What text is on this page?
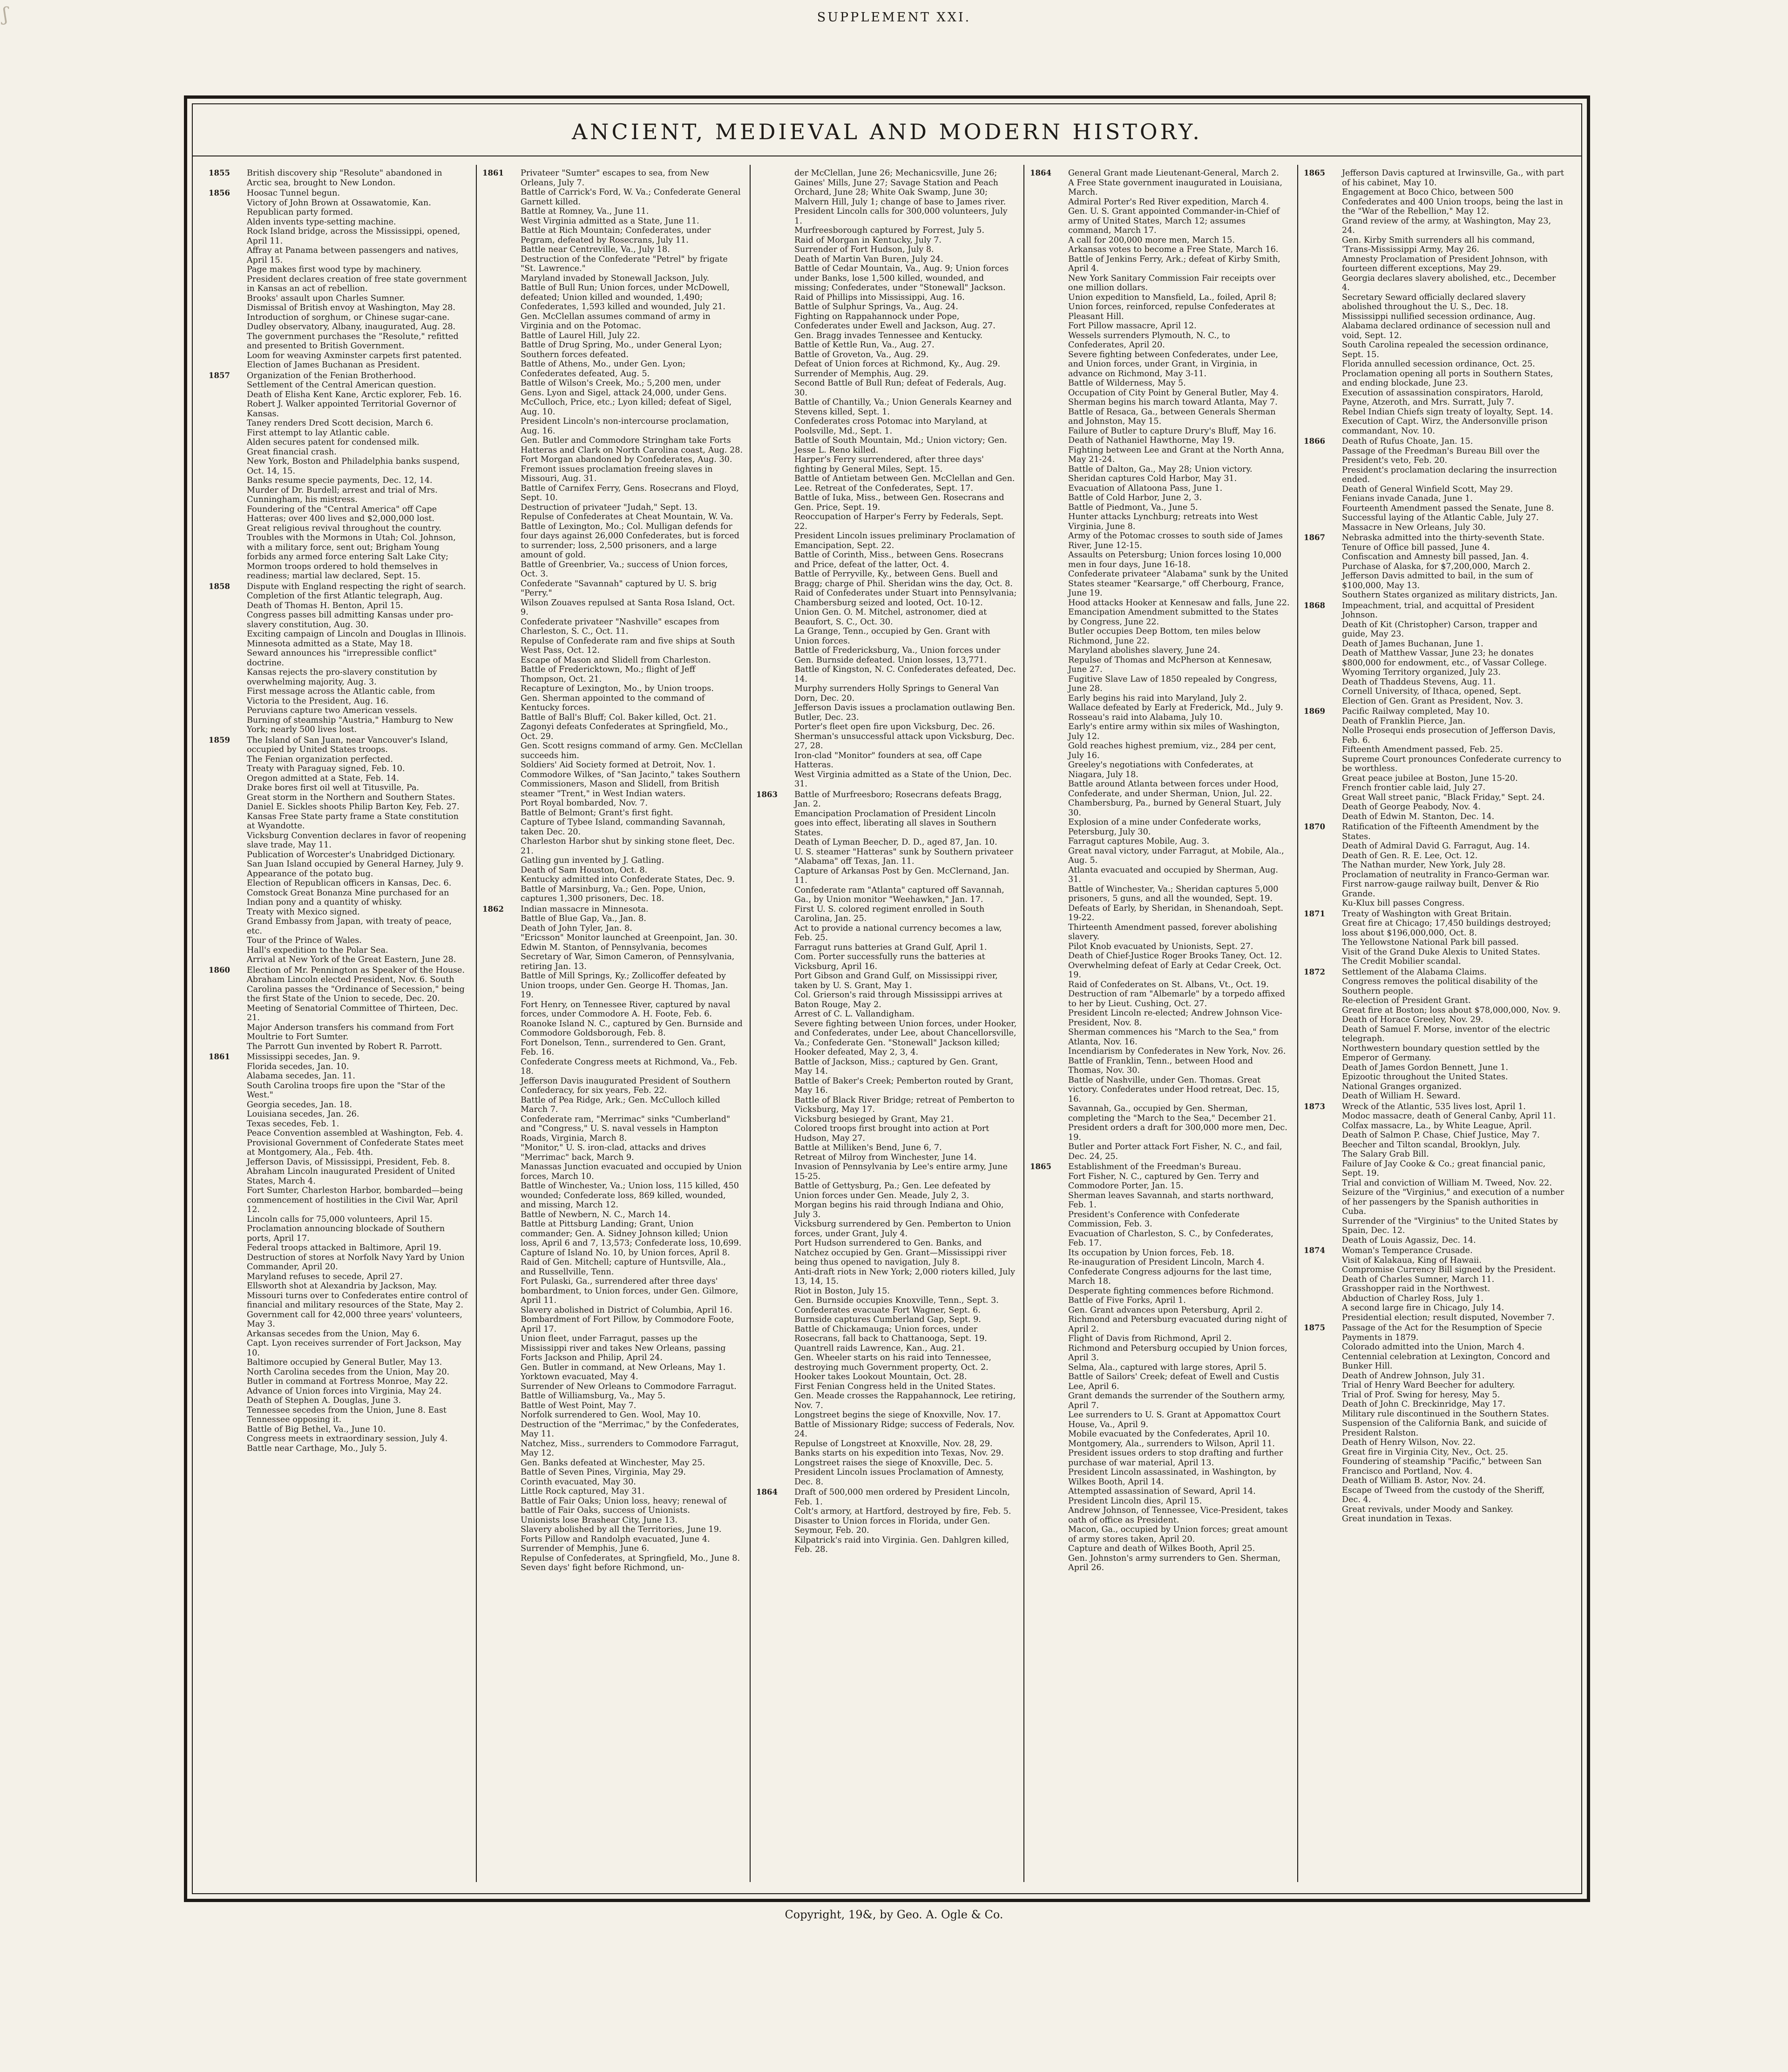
ʃ	SUPPLEMENT XXI.
ANCIENT, MEDIEVAL AND MODERN HISTORY.

1855 British discovery ship "Resolute" abandoned in Arctic sea, brought to New London.

1856 Hoosac Tunnel begun.

Victory of John Brown at Ossawatomie, Kan.

Republican party formed.

Alden invents type-setting machine.

Rock Island bridge, across the Mississippi, opened, April 11.

Affray at Panama between passengers and natives, April 15.

Page makes first wood type by machinery.

President declares creation of free state government in Kansas an act of rebellion.

Brooks' assault upon Charles Sumner.

Dismissal of British envoy at Washington, May 28.

Introduction of sorghum, or Chinese sugar-cane.

Dudley observatory, Albany, inaugurated, Aug. 28.

The government purchases the "Resolute," refitted and presented to British Government.

Loom for weaving Axminster carpets first patented.

Election of James Buchanan as President.

1857 Organization of the Fenian Brotherhood.

Settlement of the Central American question.

Death of Elisha Kent Kane, Arctic explorer, Feb. 16.

Robert J. Walker appointed Territorial Governor of Kansas.

Taney renders Dred Scott decision, March 6.

First attempt to lay Atlantic cable.

Alden secures patent for condensed milk.

Great financial crash.

New York, Boston and Philadelphia banks suspend, Oct. 14, 15.

Banks resume specie payments, Dec. 12, 14.

Murder of Dr. Burdell; arrest and trial of Mrs. Cunningham, his mistress.

Foundering of the "Central America" off Cape Hatteras; over 400 lives and $2,000,000 lost.

Great religious revival throughout the country.

Troubles with the Mormons in Utah; Col. Johnson, with a military force, sent out; Brigham Young forbids any armed force entering Salt Lake City; Mormon troops ordered to hold themselves in readiness; martial law declared, Sept. 15.

1858 Dispute with England respecting the right of search.

Completion of the first Atlantic telegraph, Aug.

Death of Thomas H. Benton, April 15.

Congress passes bill admitting Kansas under pro-slavery constitution, Aug. 30.

Exciting campaign of Lincoln and Douglas in Illinois.

Minnesota admitted as a State, May 18.

Seward announces his "irrepressible conflict" doctrine.

Kansas rejects the pro-slavery constitution by overwhelming majority, Aug. 3.

First message across the Atlantic cable, from Victoria to the President, Aug. 16.

Peruvians capture two American vessels.

Burning of steamship "Austria," Hamburg to New York; nearly 500 lives lost.

1859 The Island of San Juan, near Vancouver's Island, occupied by United States troops.

The Fenian organization perfected.

Treaty with Paraguay signed, Feb. 10.

Oregon admitted at a State, Feb. 14.

Drake bores first oil well at Titusville, Pa.

Great storm in the Northern and Southern States.

Daniel E. Sickles shoots Philip Barton Key, Feb. 27.

Kansas Free State party frame a State constitution at Wyandotte.

Vicksburg Convention declares in favor of reopening slave trade, May 11.

Publication of Worcester's Unabridged Dictionary.

San Juan Island occupied by General Harney, July 9.

Appearance of the potato bug.

Election of Republican officers in Kansas, Dec. 6.

Comstock Great Bonanza Mine purchased for an Indian pony and a quantity of whisky.

Treaty with Mexico signed.

Grand Embassy from Japan, with treaty of peace, etc.

Tour of the Prince of Wales.

Hall's expedition to the Polar Sea.

Arrival at New York of the Great Eastern, June 28.

1860 Election of Mr. Pennington as Speaker of the House.

Abraham Lincoln elected President, Nov. 6. South Carolina passes the "Ordinance of Secession," being the first State of the Union to secede, Dec. 20.

Meeting of Senatorial Committee of Thirteen, Dec. 21.

Major Anderson transfers his command from Fort Moultrie to Fort Sumter.

The Parrott Gun invented by Robert R. Parrott.

1861 Mississippi secedes, Jan. 9.

Florida secedes, Jan. 10.

Alabama secedes, Jan. 11.

South Carolina troops fire upon the "Star of the West."

Georgia secedes, Jan. 18.

Louisiana secedes, Jan. 26.

Texas secedes, Feb. 1.

Peace Convention assembled at Washington, Feb. 4.

Provisional Government of Confederate States meet at Montgomery, Ala., Feb. 4th.

Jefferson Davis, of Mississippi, President, Feb. 8.

Abraham Lincoln inaugurated President of United States, March 4.

Fort Sumter, Charleston Harbor, bombarded—being commencement of hostilities in the Civil War, April 12.

Lincoln calls for 75,000 volunteers, April 15.

Proclamation announcing blockade of Southern ports, April 17.

Federal troops attacked in Baltimore, April 19.

Destruction of stores at Norfolk Navy Yard by Union Commander, April 20.

Maryland refuses to secede, April 27.

Ellsworth shot at Alexandria by Jackson, May.

Missouri turns over to Confederates entire control of financial and military resources of the State, May 2.

Government call for 42,000 three years' volunteers, May 3.

Arkansas secedes from the Union, May 6.

Capt. Lyon receives surrender of Fort Jackson, May 10.

Baltimore occupied by General Butler, May 13.

North Carolina secedes from the Union, May 20.

Butler in command at Fortress Monroe, May 22.

Advance of Union forces into Virginia, May 24.

Death of Stephen A. Douglas, June 3.

Tennessee secedes from the Union, June 8. East Tennessee opposing it.

Battle of Big Bethel, Va., June 10.

Congress meets in extraordinary session, July 4.

Battle near Carthage, Mo., July 5.

1861 Privateer "Sumter" escapes to sea, from New Orleans, July 7.

Battle of Carrick's Ford, W. Va.; Confederate General Garnett killed.

Battle at Romney, Va., June 11.

West Virginia admitted as a State, June 11.

Battle at Rich Mountain; Confederates, under Pegram, defeated by Rosecrans, July 11.

Battle near Centreville, Va., July 18.

Destruction of the Confederate "Petrel" by frigate "St. Lawrence."

Maryland invaded by Stonewall Jackson, July.

Battle of Bull Run; Union forces, under McDowell, defeated; Union killed and wounded, 1,490; Confederates, 1,593 killed and wounded, July 21.

Gen. McClellan assumes command of army in Virginia and on the Potomac.

Battle of Laurel Hill, July 22.

Battle of Drug Spring, Mo., under General Lyon; Southern forces defeated.

Battle of Athens, Mo., under Gen. Lyon; Confederates defeated, Aug. 5.

Battle of Wilson's Creek, Mo.; 5,200 men, under Gens. Lyon and Sigel, attack 24,000, under Gens. McCulloch, Price, etc.; Lyon killed; defeat of Sigel, Aug. 10.

President Lincoln's non-intercourse proclamation, Aug. 16.

Gen. Butler and Commodore Stringham take Forts Hatteras and Clark on North Carolina coast, Aug. 28.

Fort Morgan abandoned by Confederates, Aug. 30.

Fremont issues proclamation freeing slaves in Missouri, Aug. 31.

Battle of Carnifex Ferry, Gens. Rosecrans and Floyd, Sept. 10.

Destruction of privateer "Judah," Sept. 13.

Repulse of Confederates at Cheat Mountain, W. Va.

Battle of Lexington, Mo.; Col. Mulligan defends for four days against 26,000 Confederates, but is forced to surrender; loss, 2,500 prisoners, and a large amount of gold.

Battle of Greenbrier, Va.; success of Union forces, Oct. 3.

Confederate "Savannah" captured by U. S. brig "Perry."

Wilson Zouaves repulsed at Santa Rosa Island, Oct. 9.

Confederate privateer "Nashville" escapes from Charleston, S. C., Oct. 11.

Repulse of Confederate ram and five ships at South West Pass, Oct. 12.

Escape of Mason and Slidell from Charleston.

Battle of Fredericktown, Mo.; flight of Jeff Thompson, Oct. 21.

Recapture of Lexington, Mo., by Union troops.

Gen. Sherman appointed to the command of Kentucky forces.

Battle of Ball's Bluff; Col. Baker killed, Oct. 21.

Zagonyi defeats Confederates at Springfield, Mo., Oct. 29.

Gen. Scott resigns command of army. Gen. McClellan succeeds him.

Soldiers' Aid Society formed at Detroit, Nov. 1.

Commodore Wilkes, of "San Jacinto," takes Southern Commissioners, Mason and Slidell, from British steamer "Trent," in West Indian waters.

Port Royal bombarded, Nov. 7.

Battle of Belmont; Grant's first fight.

Capture of Tybee Island, commanding Savannah, taken Dec. 20.

Charleston Harbor shut by sinking stone fleet, Dec. 21.

Gatling gun invented by J. Gatling.

Death of Sam Houston, Oct. 8.

Kentucky admitted into Confederate States, Dec. 9.

Battle of Marsinburg, Va.; Gen. Pope, Union, captures 1,300 prisoners, Dec. 18.

1862 Indian massacre in Minnesota.

Battle of Blue Gap, Va., Jan. 8.

Death of John Tyler, Jan. 8.

"Ericsson" Monitor launched at Greenpoint, Jan. 30.

Edwin M. Stanton, of Pennsylvania, becomes Secretary of War, Simon Cameron, of Pennsylvania, retiring Jan. 13.

Battle of Mill Springs, Ky.; Zollicoffer defeated by Union troops, under Gen. George H. Thomas, Jan. 19.

Fort Henry, on Tennessee River, captured by naval forces, under Commodore A. H. Foote, Feb. 6.

Roanoke Island N. C., captured by Gen. Burnside and Commodore Goldsborough, Feb. 8.

Fort Donelson, Tenn., surrendered to Gen. Grant, Feb. 16.

Confederate Congress meets at Richmond, Va., Feb. 18.

Jefferson Davis inaugurated President of Southern Confederacy, for six years, Feb. 22.

Battle of Pea Ridge, Ark.; Gen. McCulloch killed March 7.

Confederate ram, "Merrimac" sinks "Cumberland" and "Congress," U. S. naval vessels in Hampton Roads, Virginia, March 8.

"Monitor," U. S. iron-clad, attacks and drives "Merrimac" back, March 9.

Manassas Junction evacuated and occupied by Union forces, March 10.

Battle of Winchester, Va.; Union loss, 115 killed, 450 wounded; Confederate loss, 869 killed, wounded, and missing, March 12.

Battle of Newbern, N. C., March 14.

Battle at Pittsburg Landing; Grant, Union commander; Gen. A. Sidney Johnson killed; Union loss, April 6 and 7, 13,573; Confederate loss, 10,699.

Capture of Island No. 10, by Union forces, April 8.

Raid of Gen. Mitchell; capture of Huntsville, Ala., and Russellville, Tenn.

Fort Pulaski, Ga., surrendered after three days' bombardment, to Union forces, under Gen. Gilmore, April 11.

Slavery abolished in District of Columbia, April 16.

Bombardment of Fort Pillow, by Commodore Foote, April 17.

Union fleet, under Farragut, passes up the Mississippi river and takes New Orleans, passing Forts Jackson and Philip, April 24.

Gen. Butler in command, at New Orleans, May 1.

Yorktown evacuated, May 4.

Surrender of New Orleans to Commodore Farragut.

Battle of Williamsburg, Va., May 5.

Battle of West Point, May 7.

Norfolk surrendered to Gen. Wool, May 10.

Destruction of the "Merrimac," by the Confederates, May 11.

Natchez, Miss., surrenders to Commodore Farragut, May 12.

Gen. Banks defeated at Winchester, May 25.

Battle of Seven Pines, Virginia, May 29.

Corinth evacuated, May 30.

Little Rock captured, May 31.

Battle of Fair Oaks; Union loss, heavy; renewal of battle of Fair Oaks, success of Unionists.

Unionists lose Brashear City, June 13.

Slavery abolished by all the Territories, June 19.

Forts Pillow and Randolph evacuated, June 4.

Surrender of Memphis, June 6.

Repulse of Confederates, at Springfield, Mo., June 8.

Seven days' fight before Richmond, un-

der McClellan, June 26; Mechanicsville, June 26; Gaines' Mills, June 27; Savage Station and Peach Orchard, June 28; White Oak Swamp, June 30; Malvern Hill, July 1; change of base to James river.

President Lincoln calls for 300,000 volunteers, July 1.

Murfreesborough captured by Forrest, July 5.

Raid of Morgan in Kentucky, July 7.

Surrender of Fort Hudson, July 8.

Death of Martin Van Buren, July 24.

Battle of Cedar Mountain, Va., Aug. 9; Union forces under Banks, lose 1,500 killed, wounded, and missing; Confederates, under "Stonewall" Jackson.

Raid of Phillips into Mississippi, Aug. 16.

Battle of Sulphur Springs, Va., Aug. 24.

Fighting on Rappahannock under Pope, Confederates under Ewell and Jackson, Aug. 27.

Gen. Bragg invades Tennessee and Kentucky.

Battle of Kettle Run, Va., Aug. 27.

Battle of Groveton, Va., Aug. 29.

Defeat of Union forces at Richmond, Ky., Aug. 29.

Surrender of Memphis, Aug. 29.

Second Battle of Bull Run; defeat of Federals, Aug. 30.

Battle of Chantilly, Va.; Union Generals Kearney and Stevens killed, Sept. 1.

Confederates cross Potomac into Maryland, at Poolsville, Md., Sept. 1.

Battle of South Mountain, Md.; Union victory; Gen. Jesse L. Reno killed.

Harper's Ferry surrendered, after three days' fighting by General Miles, Sept. 15.

Battle of Antietam between Gen. McClellan and Gen. Lee. Retreat of the Confederates, Sept. 17.

Battle of Iuka, Miss., between Gen. Rosecrans and Gen. Price, Sept. 19.

Reoccupation of Harper's Ferry by Federals, Sept. 22.

President Lincoln issues preliminary Proclamation of Emancipation, Sept. 22.

Battle of Corinth, Miss., between Gens. Rosecrans and Price, defeat of the latter, Oct. 4.

Battle of Perryville, Ky., between Gens. Buell and Bragg; charge of Phil. Sheridan wins the day, Oct. 8.

Raid of Confederates under Stuart into Pennsylvania; Chambersburg seized and looted, Oct. 10-12.

Union Gen. O. M. Mitchel, astronomer, died at Beaufort, S. C., Oct. 30.

La Grange, Tenn., occupied by Gen. Grant with Union forces.

Battle of Fredericksburg, Va., Union forces under Gen. Burnside defeated. Union losses, 13,771.

Battle of Kingston, N. C. Confederates defeated, Dec. 14.

Murphy surrenders Holly Springs to General Van Dorn, Dec. 20.

Jefferson Davis issues a proclamation outlawing Ben. Butler, Dec. 23.

Porter's fleet open fire upon Vicksburg, Dec. 26.

Sherman's unsuccessful attack upon Vicksburg, Dec. 27, 28.

Iron-clad "Monitor" founders at sea, off Cape Hatteras.

West Virginia admitted as a State of the Union, Dec. 31.

1863 Battle of Murfreesboro; Rosecrans defeats Bragg, Jan. 2.

Emancipation Proclamation of President Lincoln goes into effect, liberating all slaves in Southern States.

Death of Lyman Beecher, D. D., aged 87, Jan. 10.

U. S. steamer "Hatteras" sunk by Southern privateer "Alabama" off Texas, Jan. 11.

Capture of Arkansas Post by Gen. McClernand, Jan. 11.

Confederate ram "Atlanta" captured off Savannah, Ga., by Union monitor "Weehawken," Jan. 17.

First U. S. colored regiment enrolled in South Carolina, Jan. 25.

Act to provide a national currency becomes a law, Feb. 25.

Farragut runs batteries at Grand Gulf, April 1.

Com. Porter successfully runs the batteries at Vicksburg, April 16.

Port Gibson and Grand Gulf, on Mississippi river, taken by U. S. Grant, May 1.

Col. Grierson's raid through Mississippi arrives at Baton Rouge, May 2.

Arrest of C. L. Vallandigham.

Severe fighting between Union forces, under Hooker, and Confederates, under Lee, about Chancellorsville, Va.; Confederate Gen. "Stonewall" Jackson killed; Hooker defeated, May 2, 3, 4.

Battle of Jackson, Miss.; captured by Gen. Grant, May 14.

Battle of Baker's Creek; Pemberton routed by Grant, May 16.

Battle of Black River Bridge; retreat of Pemberton to Vicksburg, May 17.

Vicksburg besieged by Grant, May 21.

Colored troops first brought into action at Port Hudson, May 27.

Battle at Milliken's Bend, June 6, 7.

Retreat of Milroy from Winchester, June 14.

Invasion of Pennsylvania by Lee's entire army, June 15-25.

Battle of Gettysburg, Pa.; Gen. Lee defeated by Union forces under Gen. Meade, July 2, 3.

Morgan begins his raid through Indiana and Ohio, July 3.

Vicksburg surrendered by Gen. Pemberton to Union forces, under Grant, July 4.

Port Hudson surrendered to Gen. Banks, and Natchez occupied by Gen. Grant—Mississippi river being thus opened to navigation, July 8.

Anti-draft riots in New York; 2,000 rioters killed, July 13, 14, 15.

Riot in Boston, July 15.

Gen. Burnside occupies Knoxville, Tenn., Sept. 3.

Confederates evacuate Fort Wagner, Sept. 6.

Burnside captures Cumberland Gap, Sept. 9.

Battle of Chickamauga; Union forces, under Rosecrans, fall back to Chattanooga, Sept. 19.

Quantrell raids Lawrence, Kan., Aug. 21.

Gen. Wheeler starts on his raid into Tennessee, destroying much Government property, Oct. 2.

Hooker takes Lookout Mountain, Oct. 28.

First Fenian Congress held in the United States.

Gen. Meade crosses the Rappahannock, Lee retiring, Nov. 7.

Longstreet begins the siege of Knoxville, Nov. 17.

Battle of Missionary Ridge; success of Federals, Nov. 24.

Repulse of Longstreet at Knoxville, Nov. 28, 29.

Banks starts on his expedition into Texas, Nov. 29.

Longstreet raises the siege of Knoxville, Dec. 5.

President Lincoln issues Proclamation of Amnesty, Dec. 8.

1864 Draft of 500,000 men ordered by President Lincoln, Feb. 1.

Colt's armory, at Hartford, destroyed by fire, Feb. 5.

Disaster to Union forces in Florida, under Gen. Seymour, Feb. 20.

Kilpatrick's raid into Virginia. Gen. Dahlgren killed, Feb. 28.

1864 General Grant made Lieutenant-General, March 2.

A Free State government inaugurated in Louisiana, March.

Admiral Porter's Red River expedition, March 4.

Gen. U. S. Grant appointed Commander-in-Chief of army of United States, March 12; assumes command, March 17.

A call for 200,000 more men, March 15.

Arkansas votes to become a Free State, March 16.

Battle of Jenkins Ferry, Ark.; defeat of Kirby Smith, April 4.

New York Sanitary Commission Fair receipts over one million dollars.

Union expedition to Mansfield, La., foiled, April 8; Union forces, reinforced, repulse Confederates at Pleasant Hill.

Fort Pillow massacre, April 12.

Wessels surrenders Plymouth, N. C., to Confederates, April 20.

Severe fighting between Confederates, under Lee, and Union forces, under Grant, in Virginia, in advance on Richmond, May 3-11.

Battle of Wilderness, May 5.

Occupation of City Point by General Butler, May 4.

Sherman begins his march toward Atlanta, May 7.

Battle of Resaca, Ga., between Generals Sherman and Johnston, May 15.

Failure of Butler to capture Drury's Bluff, May 16.

Death of Nathaniel Hawthorne, May 19.

Fighting between Lee and Grant at the North Anna, May 21-24.

Battle of Dalton, Ga., May 28; Union victory.

Sheridan captures Cold Harbor, May 31.

Evacuation of Allatoona Pass, June 1.

Battle of Cold Harbor, June 2, 3.

Battle of Piedmont, Va., June 5.

Hunter attacks Lynchburg; retreats into West Virginia, June 8.

Army of the Potomac crosses to south side of James River, June 12-15.

Assaults on Petersburg; Union forces losing 10,000 men in four days, June 16-18.

Confederate privateer "Alabama" sunk by the United States steamer "Kearsarge," off Cherbourg, France, June 19.

Hood attacks Hooker at Kennesaw and falls, June 22.

Emancipation Amendment submitted to the States by Congress, June 22.

Butler occupies Deep Bottom, ten miles below Richmond, June 22.

Maryland abolishes slavery, June 24.

Repulse of Thomas and McPherson at Kennesaw, June 27.

Fugitive Slave Law of 1850 repealed by Congress, June 28.

Early begins his raid into Maryland, July 2.

Wallace defeated by Early at Frederick, Md., July 9.

Rosseau's raid into Alabama, July 10.

Early's entire army within six miles of Washington, July 12.

Gold reaches highest premium, viz., 284 per cent, July 16.

Greeley's negotiations with Confederates, at Niagara, July 18.

Battle around Atlanta between forces under Hood, Confederate, and under Sherman, Union, Jul. 22.

Chambersburg, Pa., burned by General Stuart, July 30.

Explosion of a mine under Confederate works, Petersburg, July 30.

Farragut captures Mobile, Aug. 3.

Great naval victory, under Farragut, at Mobile, Ala., Aug. 5.

Atlanta evacuated and occupied by Sherman, Aug. 31.

Battle of Winchester, Va.; Sheridan captures 5,000 prisoners, 5 guns, and all the wounded, Sept. 19.

Defeats of Early, by Sheridan, in Shenandoah, Sept. 19-22.

Thirteenth Amendment passed, forever abolishing slavery.

Pilot Knob evacuated by Unionists, Sept. 27.

Death of Chief-Justice Roger Brooks Taney, Oct. 12.

Overwhelming defeat of Early at Cedar Creek, Oct. 19.

Raid of Confederates on St. Albans, Vt., Oct. 19.

Destruction of ram "Albemarle" by a torpedo affixed to her by Lieut. Cushing, Oct. 27.

President Lincoln re-elected; Andrew Johnson Vice-President, Nov. 8.

Sherman commences his "March to the Sea," from Atlanta, Nov. 16.

Incendiarism by Confederates in New York, Nov. 26.

Battle of Franklin, Tenn., between Hood and Thomas, Nov. 30.

Battle of Nashville, under Gen. Thomas. Great victory. Confederates under Hood retreat, Dec. 15, 16.

Savannah, Ga., occupied by Gen. Sherman, completing the "March to the Sea," December 21.

President orders a draft for 300,000 more men, Dec. 19.

Butler and Porter attack Fort Fisher, N. C., and fail, Dec. 24, 25.

1865 Establishment of the Freedman's Bureau.

Fort Fisher, N. C., captured by Gen. Terry and Commodore Porter, Jan. 15.

Sherman leaves Savannah, and starts northward, Feb. 1.

President's Conference with Confederate Commission, Feb. 3.

Evacuation of Charleston, S. C., by Confederates, Feb. 17.

Its occupation by Union forces, Feb. 18.

Re-inauguration of President Lincoln, March 4.

Confederate Congress adjourns for the last time, March 18.

Desperate fighting commences before Richmond. Battle of Five Forks, April 1.

Gen. Grant advances upon Petersburg, April 2.

Richmond and Petersburg evacuated during night of April 2.

Flight of Davis from Richmond, April 2.

Richmond and Petersburg occupied by Union forces, April 3.

Selma, Ala., captured with large stores, April 5.

Battle of Sailors' Creek; defeat of Ewell and Custis Lee, April 6.

Grant demands the surrender of the Southern army, April 7.

Lee surrenders to U. S. Grant at Appomattox Court House, Va., April 9.

Mobile evacuated by the Confederates, April 10.

Montgomery, Ala., surrenders to Wilson, April 11.

President issues orders to stop drafting and further purchase of war material, April 13.

President Lincoln assassinated, in Washington, by Wilkes Booth, April 14.

Attempted assassination of Seward, April 14.

President Lincoln dies, April 15.

Andrew Johnson, of Tennessee, Vice-President, takes oath of office as President.

Macon, Ga., occupied by Union forces; great amount of army stores taken, April 20.

Capture and death of Wilkes Booth, April 25.

Gen. Johnston's army surrenders to Gen. Sherman, April 26.

1865 Jefferson Davis captured at Irwinsville, Ga., with part of his cabinet, May 10.

Engagement at Boco Chico, between 500 Confederates and 400 Union troops, being the last in the "War of the Rebellion," May 12.

Grand review of the army, at Washington, May 23, 24.

Gen. Kirby Smith surrenders all his command, 'Trans-Mississippi Army, May 26.

Amnesty Proclamation of President Johnson, with fourteen different exceptions, May 29.

Georgia declares slavery abolished, etc., December 4.

Secretary Seward officially declared slavery abolished throughout the U. S., Dec. 18.

Mississippi nullified secession ordinance, Aug.

Alabama declared ordinance of secession null and void, Sept. 12.

South Carolina repealed the secession ordinance, Sept. 15.

Florida annulled secession ordinance, Oct. 25.

Proclamation opening all ports in Southern States, and ending blockade, June 23.

Execution of assassination conspirators, Harold, Payne, Atzeroth, and Mrs. Surratt, July 7.

Rebel Indian Chiefs sign treaty of loyalty, Sept. 14.

Execution of Capt. Wirz, the Andersonville prison commandant, Nov. 10.

1866 Death of Rufus Choate, Jan. 15.

Passage of the Freedman's Bureau Bill over the President's veto, Feb. 20.

President's proclamation declaring the insurrection ended.

Death of General Winfield Scott, May 29.

Fenians invade Canada, June 1.

Fourteenth Amendment passed the Senate, June 8.

Successful laying of the Atlantic Cable, July 27.

Massacre in New Orleans, July 30.

1867 Nebraska admitted into the thirty-seventh State.

Tenure of Office bill passed, June 4.

Confiscation and Amnesty bill passed, Jan. 4.

Purchase of Alaska, for $7,200,000, March 2.

Jefferson Davis admitted to bail, in the sum of $100,000, May 13.

Southern States organized as military districts, Jan.

1868 Impeachment, trial, and acquittal of President Johnson.

Death of Kit (Christopher) Carson, trapper and guide, May 23.

Death of James Buchanan, June 1.

Death of Matthew Vassar, June 23; he donates $800,000 for endowment, etc., of Vassar College.

Wyoming Territory organized, July 23.

Death of Thaddeus Stevens, Aug. 11.

Cornell University, of Ithaca, opened, Sept.

Election of Gen. Grant as President, Nov. 3.

1869 Pacific Railway completed, May 10.

Death of Franklin Pierce, Jan.

Nolle Prosequi ends prosecution of Jefferson Davis, Feb. 6.

Fifteenth Amendment passed, Feb. 25.

Supreme Court pronounces Confederate currency to be worthless.

Great peace jubilee at Boston, June 15-20.

French frontier cable laid, July 27.

Great Wall street panic, "Black Friday," Sept. 24.

Death of George Peabody, Nov. 4.

Death of Edwin M. Stanton, Dec. 14.

1870 Ratification of the Fifteenth Amendment by the States.

Death of Admiral David G. Farragut, Aug. 14.

Death of Gen. R. E. Lee, Oct. 12.

The Nathan murder, New York, July 28.

Proclamation of neutrality in Franco-German war.

First narrow-gauge railway built, Denver & Rio Grande.

Ku-Klux bill passes Congress.

1871 Treaty of Washington with Great Britain.

Great fire at Chicago; 17,450 buildings destroyed; loss about $196,000,000, Oct. 8.

The Yellowstone National Park bill passed.

Visit of the Grand Duke Alexis to United States.

The Credit Mobilier scandal.

1872 Settlement of the Alabama Claims.

Congress removes the political disability of the Southern people.

Re-election of President Grant.

Great fire at Boston; loss about $78,000,000, Nov. 9.

Death of Horace Greeley, Nov. 29.

Death of Samuel F. Morse, inventor of the electric telegraph.

Northwestern boundary question settled by the Emperor of Germany.

Death of James Gordon Bennett, June 1.

Epizootic throughout the United States.

National Granges organized.

Death of William H. Seward.

1873 Wreck of the Atlantic, 535 lives lost, April 1.

Modoc massacre, death of General Canby, April 11.

Colfax massacre, La., by White League, April.

Death of Salmon P. Chase, Chief Justice, May 7.

Beecher and Tilton scandal, Brooklyn, July.

The Salary Grab Bill.

Failure of Jay Cooke & Co.; great financial panic, Sept. 19.

Trial and conviction of William M. Tweed, Nov. 22.

Seizure of the "Virginius," and execution of a number of her passengers by the Spanish authorities in Cuba.

Surrender of the "Virginius" to the United States by Spain, Dec. 12.

Death of Louis Agassiz, Dec. 14.

1874 Woman's Temperance Crusade.

Visit of Kalakaua, King of Hawaii.

Compromise Currency Bill signed by the President.

Death of Charles Sumner, March 11.

Grasshopper raid in the Northwest.

Abduction of Charley Ross, July 1.

A second large fire in Chicago, July 14.

Presidential election; result disputed, November 7.

1875 Passage of the Act for the Resumption of Specie Payments in 1879.

Colorado admitted into the Union, March 4.

Centennial celebration at Lexington, Concord and Bunker Hill.

Death of Andrew Johnson, July 31.

Trial of Henry Ward Beecher for adultery.

Trial of Prof. Swing for heresy, May 5.

Death of John C. Breckinridge, May 17.

Military rule discontinued in the Southern States.

Suspension of the California Bank, and suicide of President Ralston.

Death of Henry Wilson, Nov. 22.

Great fire in Virginia City, Nev., Oct. 25.

Foundering of steamship "Pacific," between San Francisco and Portland, Nov. 4.

Death of William B. Astor, Nov. 24.

Escape of Tweed from the custody of the Sheriff, Dec. 4.

Great revivals, under Moody and Sankey.

Great inundation in Texas.

Copyright, 19&, by Geo. A. Ogle & Co.
